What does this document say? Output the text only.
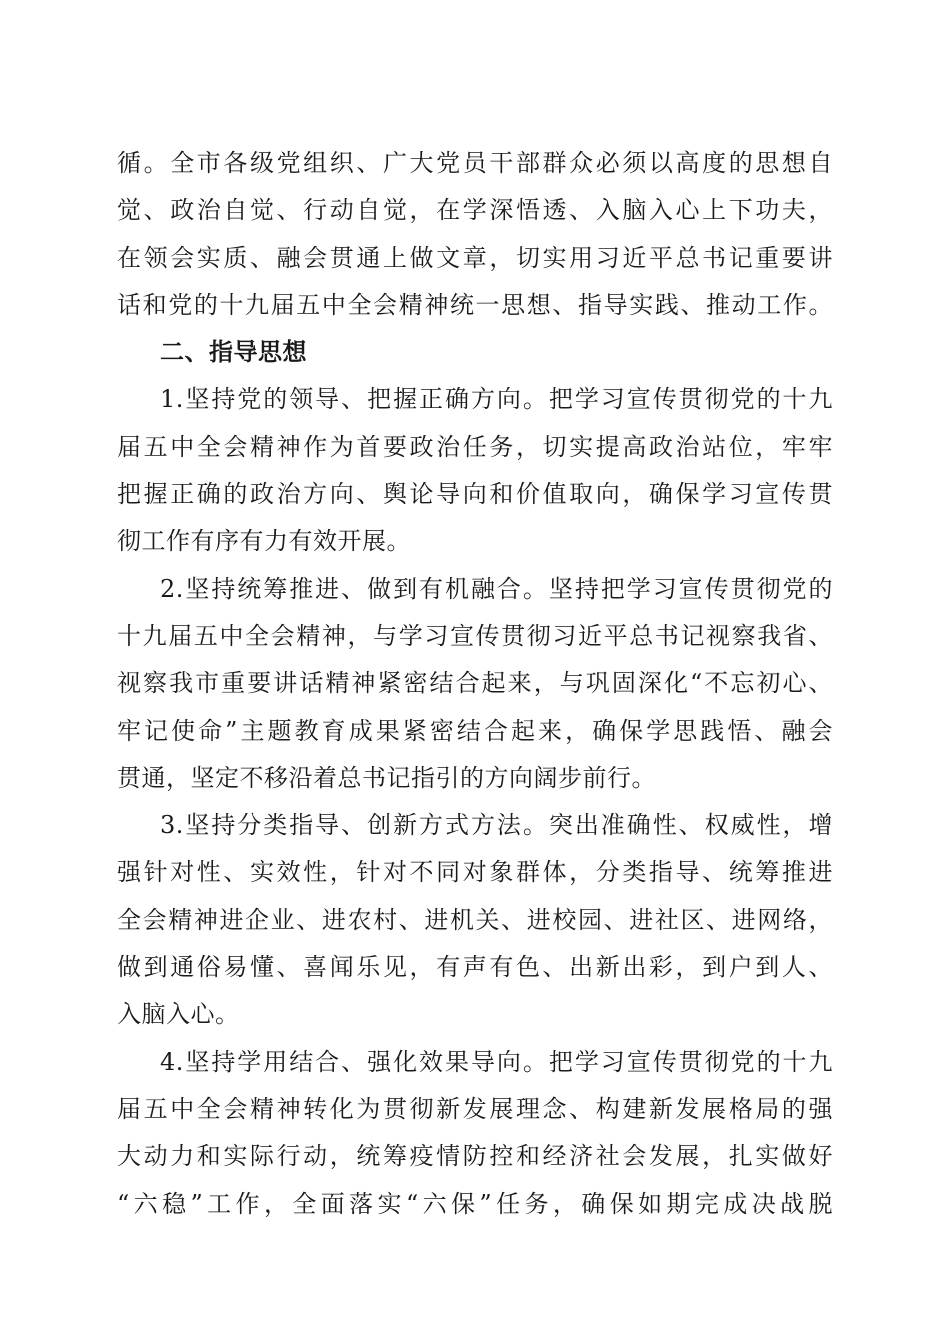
循。全市各级党组织、广大党员干部群众必须以高度的思想自
觉、政治自觉、行动自觉，在学深悟透、入脑入心上下功夫，
在领会实质、融会贯通上做文章，切实用习近平总书记重要讲
话和党的十九届五中全会精神统一思想、指导实践、推动工作。
二、指导思想
1.坚持党的领导、把握正确方向。把学习宣传贯彻党的十九
届五中全会精神作为首要政治任务，切实提高政治站位，牢牢
把握正确的政治方向、舆论导向和价值取向，确保学习宣传贯
彻工作有序有力有效开展。
2.坚持统筹推进、做到有机融合。坚持把学习宣传贯彻党的
十九届五中全会精神，与学习宣传贯彻习近平总书记视察我省、
视察我市重要讲话精神紧密结合起来，与巩固深化“不忘初心、
牢记使命”主题教育成果紧密结合起来，确保学思践悟、融会
贯通，坚定不移沿着总书记指引的方向阔步前行。
3.坚持分类指导、创新方式方法。突出准确性、权威性，增
强针对性、实效性，针对不同对象群体，分类指导、统筹推进
全会精神进企业、进农村、进机关、进校园、进社区、进网络，
做到通俗易懂、喜闻乐见，有声有色、出新出彩，到户到人、
入脑入心。
4.坚持学用结合、强化效果导向。把学习宣传贯彻党的十九
届五中全会精神转化为贯彻新发展理念、构建新发展格局的强
大动力和实际行动，统筹疫情防控和经济社会发展，扎实做好
“六稳”工作，全面落实“六保”任务，确保如期完成决战脱
